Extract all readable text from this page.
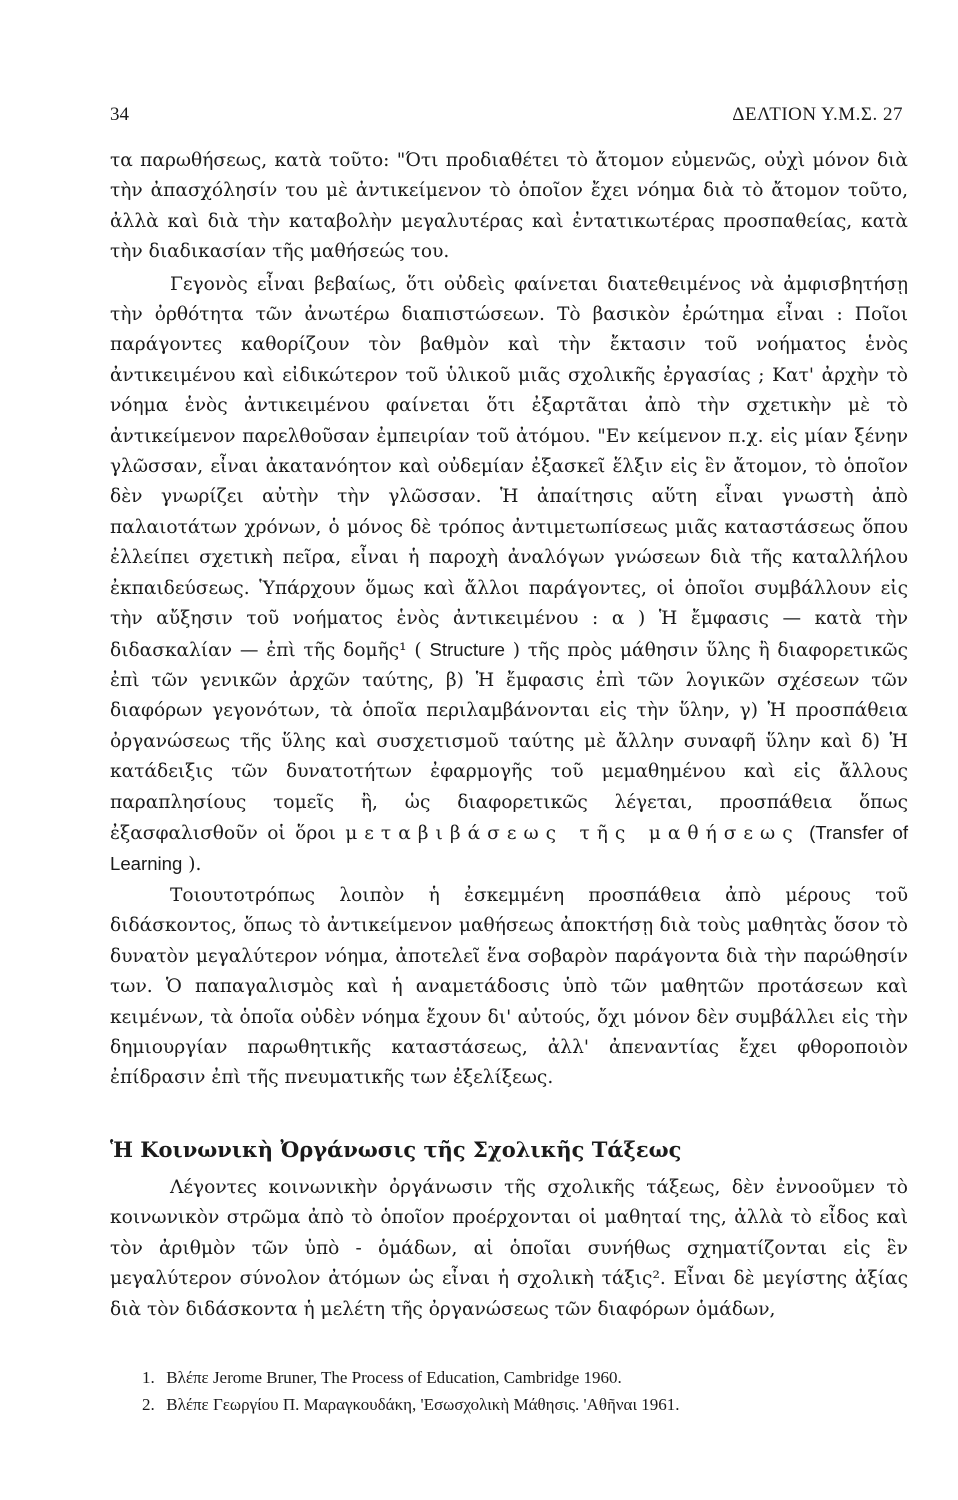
34	ΔΕΛΤΙΟΝ Υ.Μ.Σ. 27

τα παρωθήσεως, κατὰ τοῦτο: "Ότι προδιαθέτει τὸ ἄτομον εὐμενῶς, οὐχὶ μόνον διὰ τὴν ἀπασχόλησίν του μὲ ἀντικείμενον τὸ ὁποῖον ἔχει νόημα διὰ τὸ ἄτομον τοῦτο, ἀλλὰ καὶ διὰ τὴν καταβολὴν μεγαλυτέρας καὶ ἐντατικωτέρας προσπαθείας, κατὰ τὴν διαδικασίαν τῆς μαθήσεώς του.

Γεγονὸς εἶναι βεβαίως, ὅτι οὐδεὶς φαίνεται διατεθειμένος νὰ ἀμφισβητήσῃ τὴν ὀρθότητα τῶν ἀνωτέρω διαπιστώσεων. Τὸ βασικὸν ἐρώτημα εἶναι : Ποῖοι παράγοντες καθορίζουν τὸν βαθμὸν καὶ τὴν ἔκτασιν τοῦ νοήματος ἑνὸς ἀντικειμένου καὶ εἰδικώτερον τοῦ ὑλικοῦ μιᾶς σχολικῆς ἐργασίας ; Κατ' ἀρχὴν τὸ νόημα ἑνὸς ἀντικειμένου φαίνεται ὅτι ἐξαρτᾶται ἀπὸ τὴν σχετικὴν μὲ τὸ ἀντικείμενον παρελθοῦσαν ἐμπειρίαν τοῦ ἀτόμου. "Εν κείμενον π.χ. εἰς μίαν ξένην γλῶσσαν, εἶναι ἀκατανόητον καὶ οὐδεμίαν ἐξασκεῖ ἕλξιν εἰς ἓν ἄτομον, τὸ ὁποῖον δὲν γνωρίζει αὐτὴν τὴν γλῶσσαν. Ἡ ἀπαίτησις αὕτη εἶναι γνωστὴ ἀπὸ παλαιοτάτων χρόνων, ὁ μόνος δὲ τρόπος ἀντιμετωπίσεως μιᾶς καταστάσεως ὅπου ἐλλείπει σχετικὴ πεῖρα, εἶναι ἡ παροχὴ ἀναλόγων γνώσεων διὰ τῆς καταλλήλου ἐκπαιδεύσεως. Ὑπάρχουν ὅμως καὶ ἄλλοι παράγοντες, οἱ ὁποῖοι συμβάλλουν εἰς τὴν αὔξησιν τοῦ νοήματος ἑνὸς ἀντικειμένου : α ) Ἡ ἔμφασις — κατὰ τὴν διδασκαλίαν — ἐπὶ τῆς δομῆς¹ ( Structure ) τῆς πρὸς μάθησιν ὕλης ἢ διαφορετικῶς ἐπὶ τῶν γενικῶν ἀρχῶν ταύτης, β) Ἡ ἔμφασις ἐπὶ τῶν λογικῶν σχέσεων τῶν διαφόρων γεγονότων, τὰ ὁποῖα περιλαμβάνονται εἰς τὴν ὕλην, γ) Ἡ προσπάθεια ὀργανώσεως τῆς ὕλης καὶ συσχετισμοῦ ταύτης μὲ ἄλλην συναφῆ ὕλην καὶ δ) Ἡ κατάδειξις τῶν δυνατοτήτων ἐφαρμογῆς τοῦ μεμαθημένου καὶ εἰς ἄλλους παραπλησίους τομεῖς ἢ, ὡς διαφορετικῶς λέγεται, προσπάθεια ὅπως ἐξασφαλισθοῦν οἱ ὅροι μεταβιβάσεως τῆς μαθήσεως (Transfer of Learning ).

Τοιουτοτρόπως λοιπὸν ἡ ἐσκεμμένη προσπάθεια ἀπὸ μέρους τοῦ διδάσκοντος, ὅπως τὸ ἀντικείμενον μαθήσεως ἀποκτήσῃ διὰ τοὺς μαθητὰς ὅσον τὸ δυνατὸν μεγαλύτερον νόημα, ἀποτελεῖ ἕνα σοβαρὸν παράγοντα διὰ τὴν παρώθησίν των. Ὁ παπαγαλισμὸς καὶ ἡ αναμετάδοσις ὑπὸ τῶν μαθητῶν προτάσεων καὶ κειμένων, τὰ ὁποῖα οὐδὲν νόημα ἔχουν δι' αὐτούς, ὄχι μόνον δὲν συμβάλλει εἰς τὴν δημιουργίαν παρωθητικῆς καταστάσεως, ἀλλ' ἀπεναντίας ἔχει φθοροποιὸν ἐπίδρασιν ἐπὶ τῆς πνευματικῆς των ἐξελίξεως.

Ἡ Κοινωνικὴ Ὀργάνωσις τῆς Σχολικῆς Τάξεως

Λέγοντες κοινωνικὴν ὀργάνωσιν τῆς σχολικῆς τάξεως, δὲν ἐννοοῦμεν τὸ κοινωνικὸν στρῶμα ἀπὸ τὸ ὁποῖον προέρχονται οἱ μαθηταί της, ἀλλὰ τὸ εἶδος καὶ τὸν ἀριθμὸν τῶν ὑπὸ - ὁμάδων, αἱ ὁποῖαι συνήθως σχηματίζονται εἰς ἓν μεγαλύτερον σύνολον ἀτόμων ὡς εἶναι ἡ σχολικὴ τάξις². Εἶναι δὲ μεγίστης ἀξίας διὰ τὸν διδάσκοντα ἡ μελέτη τῆς ὀργανώσεως τῶν διαφόρων ὁμάδων,

1. Βλέπε Jerome Bruner, The Process of Education, Cambridge 1960.

2. Βλέπε Γεωργίου Π. Μαραγκουδάκη, 'Εσωσχολικὴ Μάθησις. 'Αθῆναι 1961.
